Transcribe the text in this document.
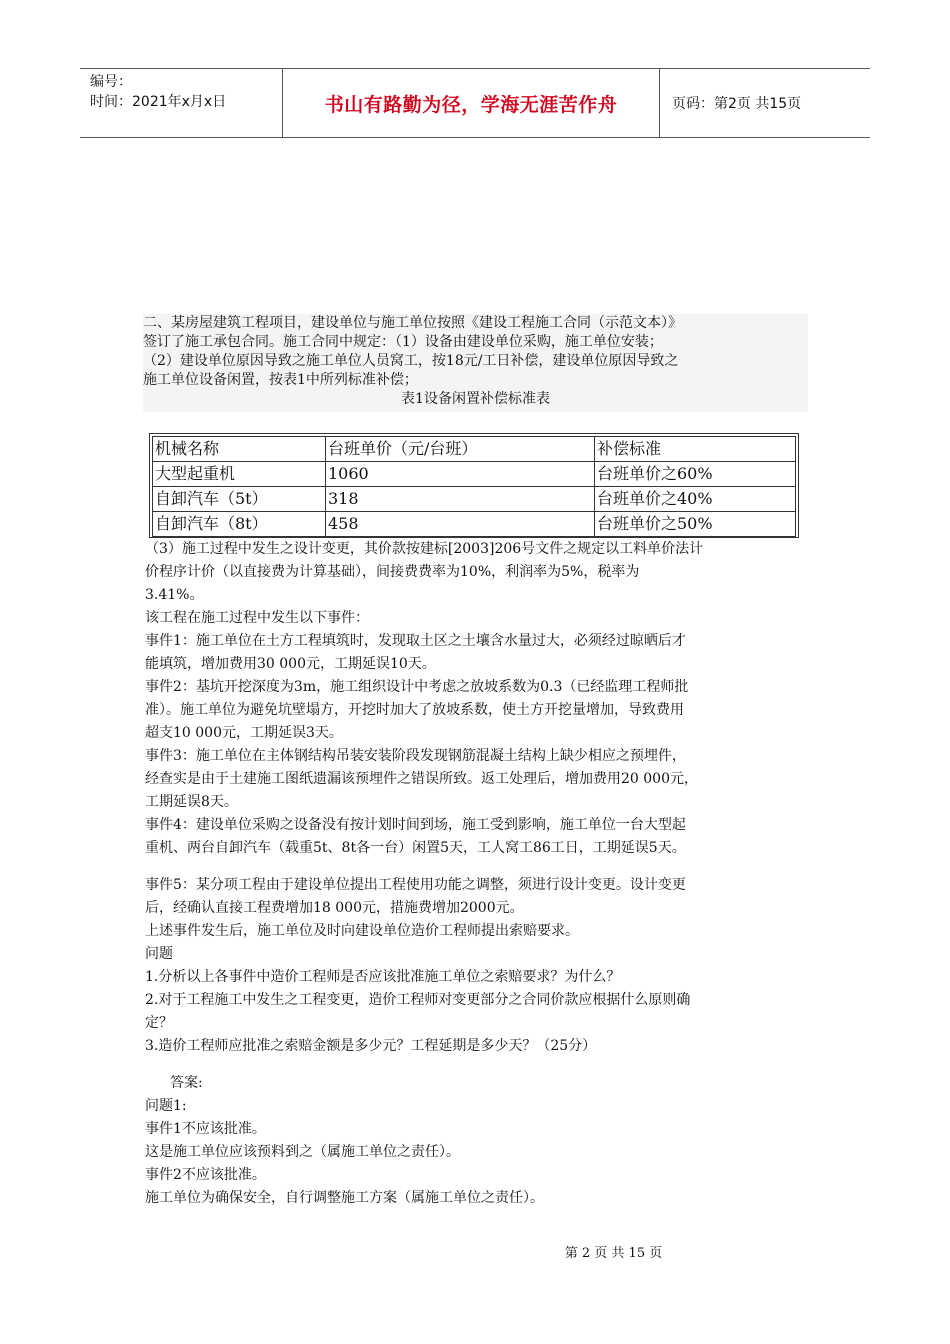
编号：
时间：2021年x月x日	书山有路勤为径，学海无涯苦作舟	页码：第2页 共15页

二、某房屋建筑工程项目，建设单位与施工单位按照《建设工程施工合同（示范文本）》

签订了施工承包合同。施工合同中规定：（1）设备由建设单位采购，施工单位安装；

（2）建设单位原因导致之施工单位人员窝工，按18元/工日补偿，建设单位原因导致之

施工单位设备闲置，按表1中所列标准补偿；

表1设备闲置补偿标准表

机械名称	台班单价（元/台班）	补偿标准
大型起重机	1060	台班单价之60%
自卸汽车（5t）	318	台班单价之40%
自卸汽车（8t）	458	台班单价之50%

（3）施工过程中发生之设计变更，其价款按建标[2003]206号文件之规定以工料单价法计

价程序计价（以直接费为计算基础），间接费费率为10%，利润率为5%，税率为

3.41%。

该工程在施工过程中发生以下事件：

事件1：施工单位在土方工程填筑时，发现取土区之土壤含水量过大，必须经过晾晒后才

能填筑，增加费用30 000元，工期延误10天。

事件2：基坑开挖深度为3m，施工组织设计中考虑之放坡系数为0.3（已经监理工程师批

准）。施工单位为避免坑壁塌方，开挖时加大了放坡系数，使土方开挖量增加，导致费用

超支10 000元，工期延误3天。

事件3：施工单位在主体钢结构吊装安装阶段发现钢筋混凝土结构上缺少相应之预埋件，

经查实是由于土建施工图纸遗漏该预埋件之错误所致。返工处理后，增加费用20 000元，

工期延误8天。

事件4：建设单位采购之设备没有按计划时间到场，施工受到影响，施工单位一台大型起

重机、两台自卸汽车（载重5t、8t各一台）闲置5天，工人窝工86工日，工期延误5天。

事件5：某分项工程由于建设单位提出工程使用功能之调整，须进行设计变更。设计变更

后，经确认直接工程费增加18 000元，措施费增加2000元。

上述事件发生后，施工单位及时向建设单位造价工程师提出索赔要求。

问题

1.分析以上各事件中造价工程师是否应该批准施工单位之索赔要求？为什么？

2.对于工程施工中发生之工程变更，造价工程师对变更部分之合同价款应根据什么原则确

定？

3.造价工程师应批准之索赔金额是多少元？工程延期是多少天？（25分）

答案:

问题1:

事件1不应该批准。

这是施工单位应该预料到之（属施工单位之责任）。

事件2不应该批准。

施工单位为确保安全，自行调整施工方案（属施工单位之责任）。

第 2 页 共 15 页
